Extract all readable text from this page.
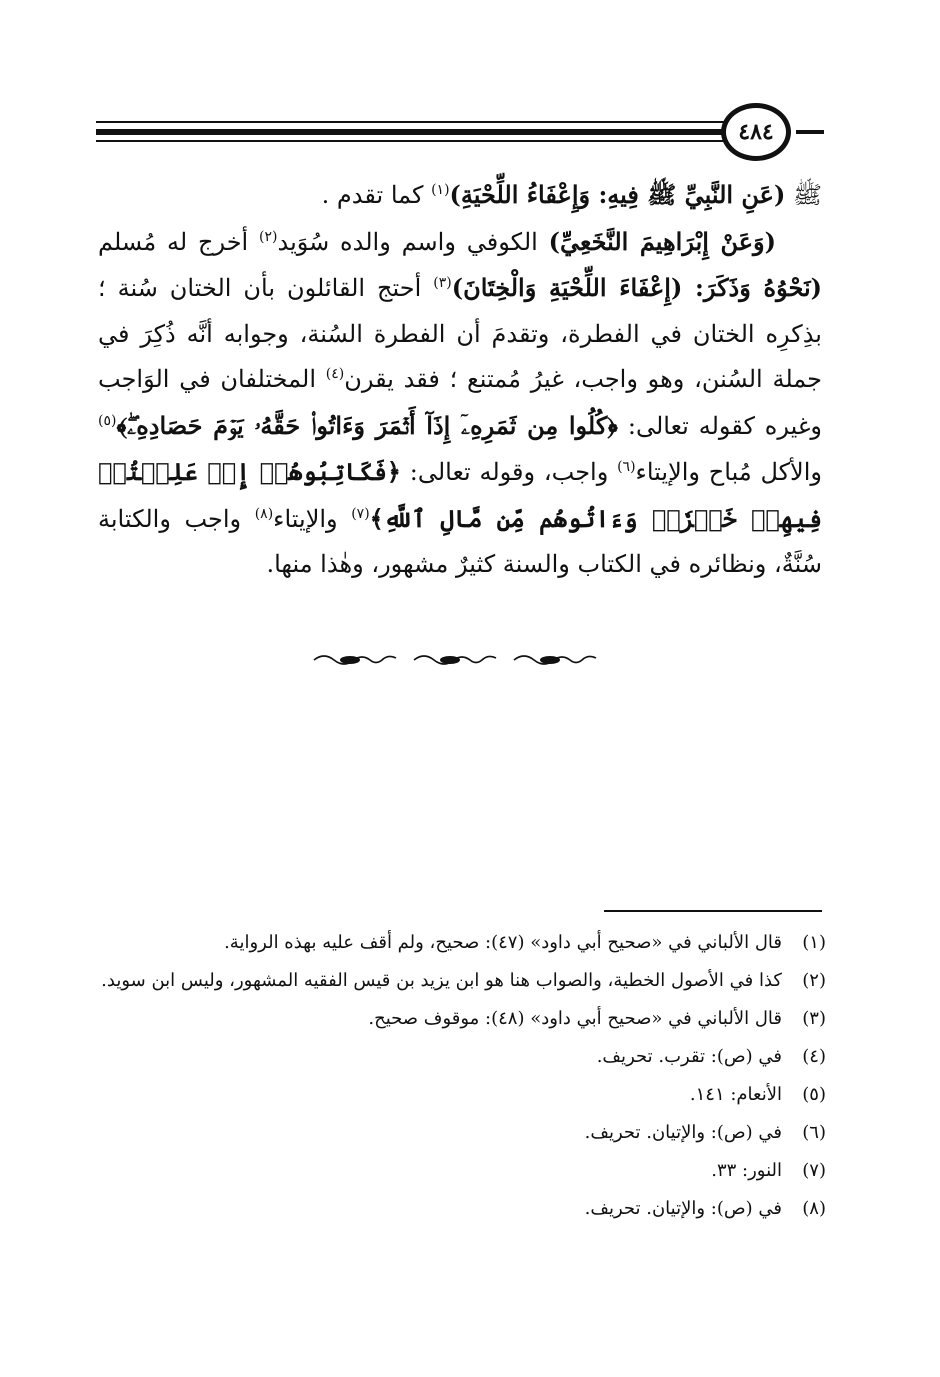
٤٨٤

ﷺ (عَنِ النَّبِيِّ ﷺ فِيهِ: وَإِعْفَاءُ اللِّحْيَةِ)$^{(١)}$ كما تقدم .

(وَعَنْ إِبْرَاهِيمَ النَّخَعِيِّ) الكوفي واسم والده سُوَيد$^{(٢)}$ أخرج له مُسلم (نَحْوُهُ وَذَكَرَ: (إِعْفَاءَ اللِّحْيَةِ وَالْخِتَانَ)$^{(٣)}$ أحتج القائلون بأن الختان سُنة ؛ بذِكرِه الختان في الفطرة، وتقدمَ أن الفطرة السُنة، وجوابه أنَّه ذُكِرَ في جملة السُنن، وهو واجب، غيرُ مُمتنع ؛ فقد يقرن$^{(٤)}$ المختلفان في الوَاجب وغيره كقوله تعالى: ﴿كُلُوا مِن ثَمَرِهِۦٓ إِذَآ أَثۡمَرَ وَءَاتُوا۟ حَقَّهُۥ يَوۡمَ حَصَادِهِۦۖ﴾$^{(٥)}$ والأكل مُباح والإيتاء$^{(٦)}$ واجب، وقوله تعالى: ﴿فَكَاتِبُوهُمۡ إِنۡ عَلِمۡتُمۡ فِيهِمۡ خَيۡرٗاۖ وَءَاتُوهُم مِّن مَّالِ ٱللَّهِ﴾$^{(٧)}$ والإيتاء$^{(٨)}$ واجب والكتابة سُنَّةٌ، ونظائره في الكتاب والسنة كثيرٌ مشهور، وهٰذا منها.

(١)
قال الألباني في «صحيح أبي داود» (٤٧): صحيح، ولم أقف عليه بهذه الرواية.
(٢)
كذا في الأصول الخطية، والصواب هنا هو ابن يزيد بن قيس الفقيه المشهور، وليس ابن سويد.
(٣)
قال الألباني في «صحيح أبي داود» (٤٨): موقوف صحيح.
(٤)
في (ص): تقرب. تحريف.
(٥)
الأنعام: ١٤١.
(٦)
في (ص): والإتيان. تحريف.
(٧)
النور: ٣٣.
(٨)
في (ص): والإتيان. تحريف.
